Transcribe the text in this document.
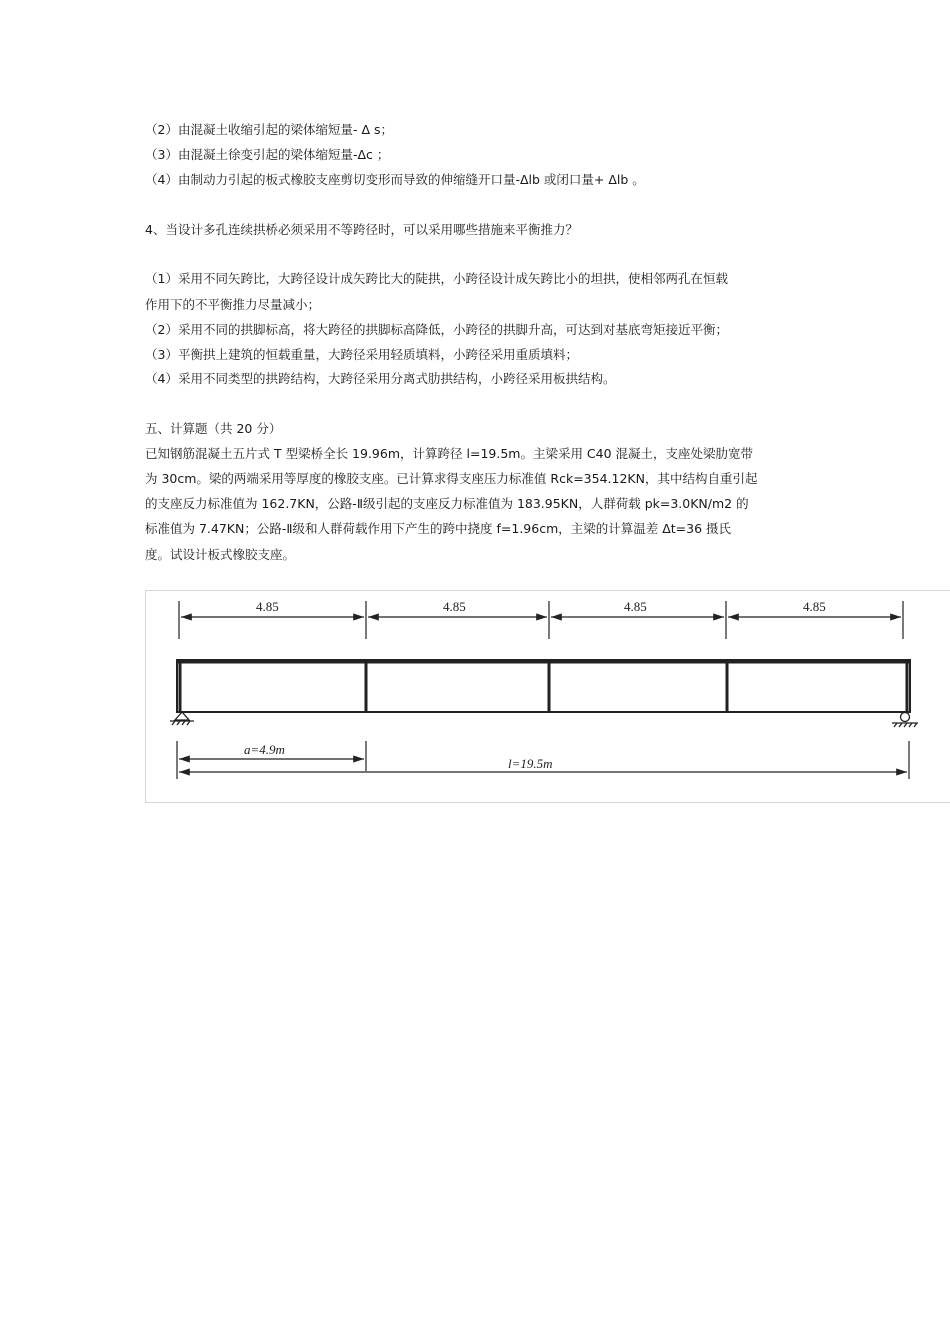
（2）由混凝土收缩引起的梁体缩短量- Δ s；
（3）由混凝土徐变引起的梁体缩短量-Δc ；
（4）由制动力引起的板式橡胶支座剪切变形而导致的伸缩缝开口量-Δlb 或闭口量+ Δlb 。
4、当设计多孔连续拱桥必须采用不等跨径时，可以采用哪些措施来平衡推力？
（1）采用不同矢跨比，大跨径设计成矢跨比大的陡拱，小跨径设计成矢跨比小的坦拱，使相邻两孔在恒载
作用下的不平衡推力尽量减小；
（2）采用不同的拱脚标高，将大跨径的拱脚标高降低，小跨径的拱脚升高，可达到对基底弯矩接近平衡；
（3）平衡拱上建筑的恒载重量，大跨径采用轻质填料，小跨径采用重质填料；
（4）采用不同类型的拱跨结构，大跨径采用分离式肋拱结构，小跨径采用板拱结构。
五、计算题（共 20 分）
已知钢筋混凝土五片式 T 型梁桥全长 19.96m，计算跨径 l=19.5m。主梁采用 C40 混凝土，支座处梁肋宽带
为 30cm。梁的两端采用等厚度的橡胶支座。已计算求得支座压力标准值 Rck=354.12KN，其中结构自重引起
的支座反力标准值为 162.7KN，公路-Ⅱ级引起的支座反力标准值为 183.95KN，人群荷载 pk=3.0KN/m2 的
标准值为 7.47KN；公路-Ⅱ级和人群荷载作用下产生的跨中挠度 f=1.96cm，主梁的计算温差 Δt=36 摄氏
度。试设计板式橡胶支座。
4.85	4.85	4.85	4.85
a=4.9m
l=19.5m
